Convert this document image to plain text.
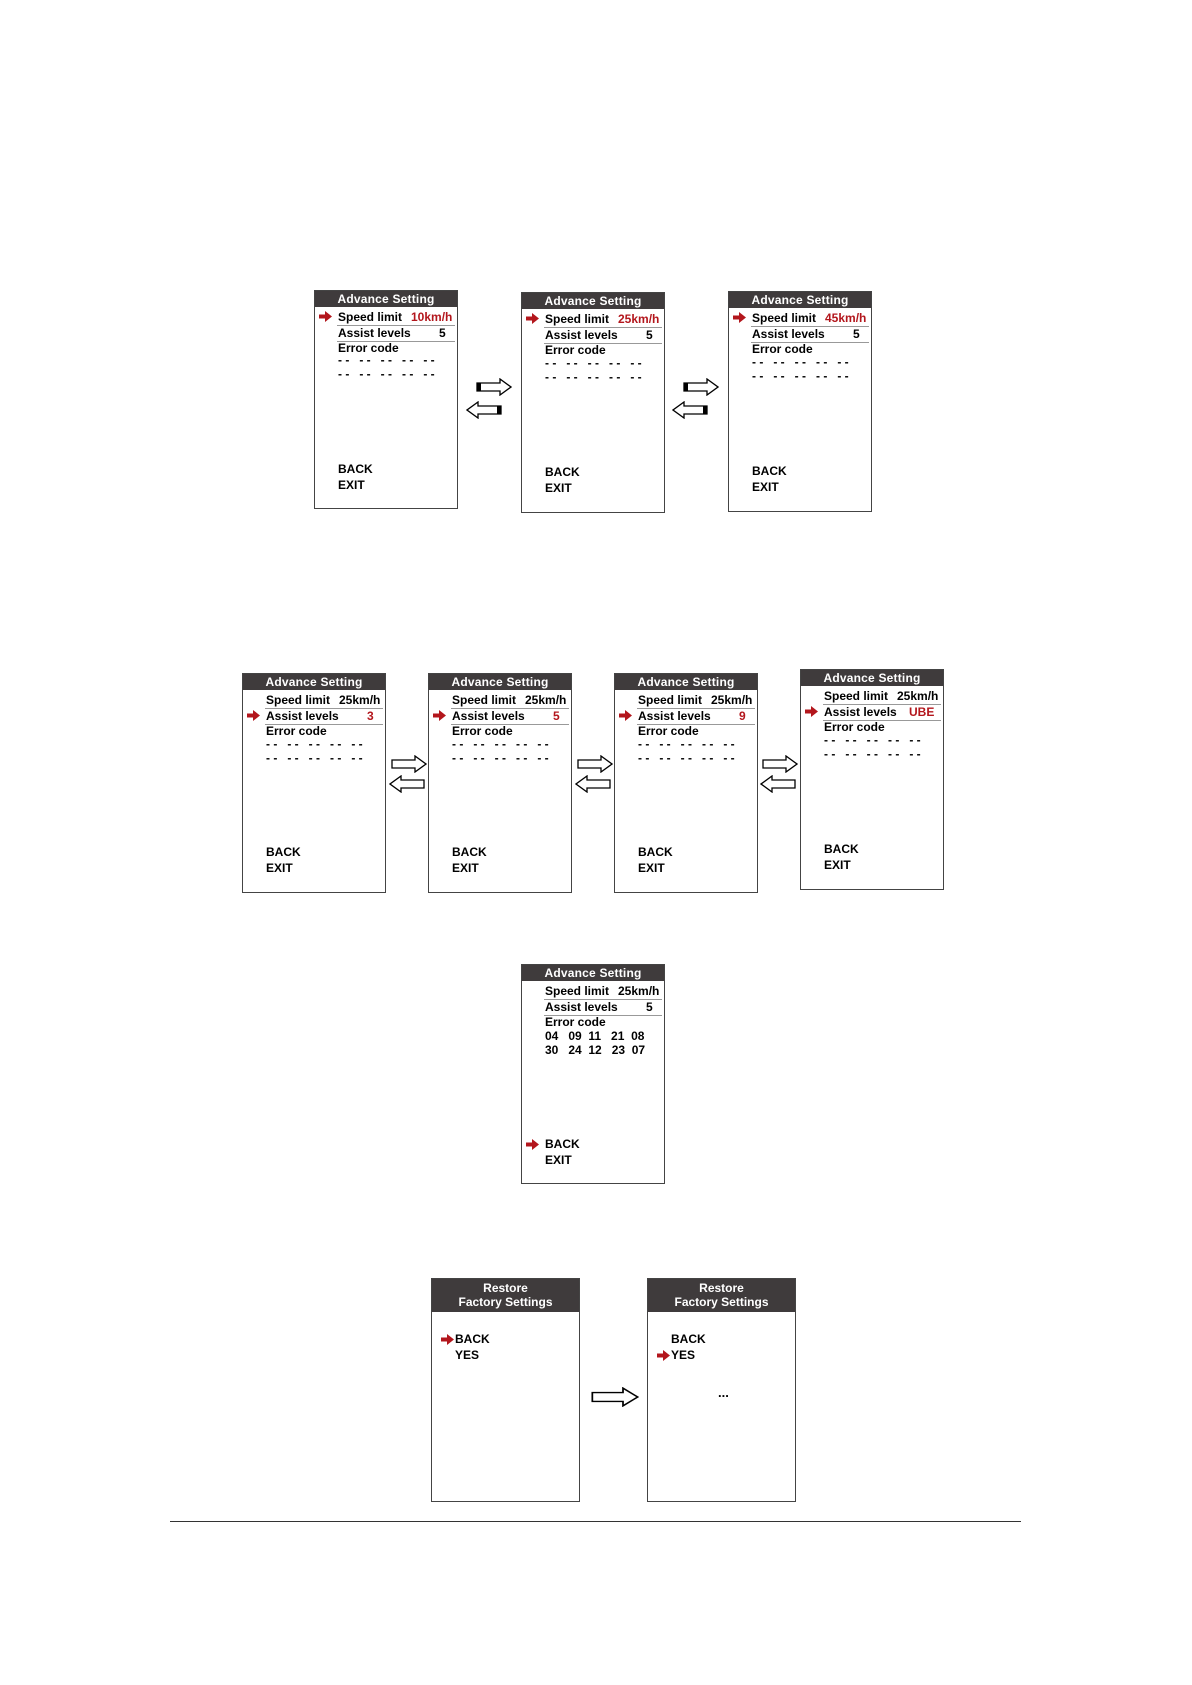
Advance Setting
Speed limit 10km/h
Assist levels 5
Error code
- -   - -   - -   - -   - -
- -   - -   - -   - -   - -
BACK
EXIT
Advance Setting
Speed limit 25km/h
Assist levels 5
Error code
- -   - -   - -   - -   - -
- -   - -   - -   - -   - -
BACK
EXIT
Advance Setting
Speed limit 45km/h
Assist levels 5
Error code
- -   - -   - -   - -   - -
- -   - -   - -   - -   - -
BACK
EXIT
Advance Setting
Speed limit 25km/h
Assist levels 3
Error code
- -   - -   - -   - -   - -
- -   - -   - -   - -   - -
BACK
EXIT
Advance Setting
Speed limit 25km/h
Assist levels 5
Error code
- -   - -   - -   - -   - -
- -   - -   - -   - -   - -
BACK
EXIT
Advance Setting
Speed limit 25km/h
Assist levels 9
Error code
- -   - -   - -   - -   - -
- -   - -   - -   - -   - -
BACK
EXIT
Advance Setting
Speed limit 25km/h
Assist levels UBE
Error code
- -   - -   - -   - -   - -
- -   - -   - -   - -   - -
BACK
EXIT
Advance Setting
Speed limit 25km/h
Assist levels 5
Error code
04   09  11   21  08
30   24  12   23  07
BACK
EXIT
Restore
Factory Settings
BACK
YES
Restore
Factory Settings
BACK
YES
...
